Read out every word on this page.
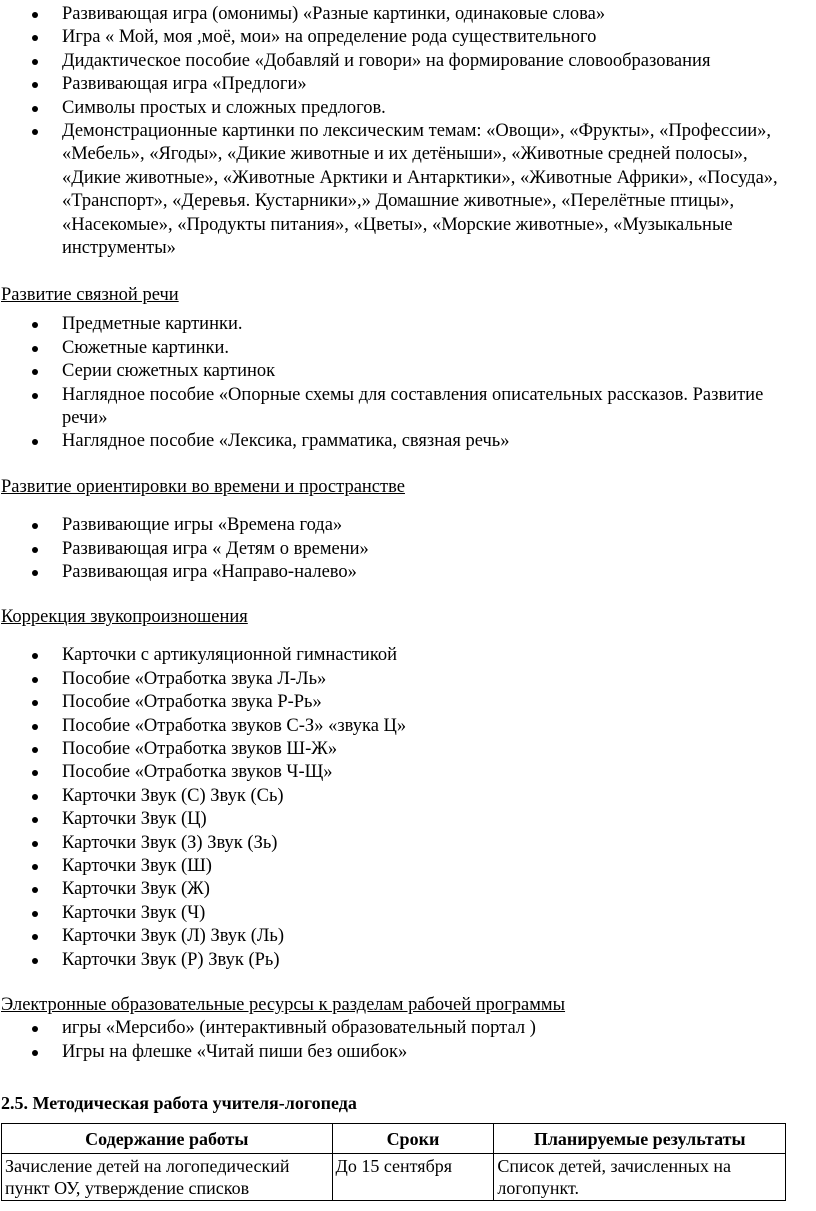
Развивающая игра (омонимы) «Разные картинки, одинаковые слова»
Игра « Мой, моя ,моё, мои» на определение рода существительного
Дидактическое пособие «Добавляй и говори» на формирование словообразования
Развивающая игра «Предлоги»
Символы простых и сложных предлогов.
Демонстрационные картинки по лексическим темам: «Овощи», «Фрукты», «Профессии», «Мебель», «Ягоды», «Дикие животные и их детёныши», «Животные средней полосы», «Дикие животные», «Животные Арктики и Антарктики», «Животные Африки», «Посуда», «Транспорт», «Деревья. Кустарники»,» Домашние животные», «Перелётные птицы», «Насекомые», «Продукты питания», «Цветы», «Морские животные», «Музыкальные инструменты»
Развитие связной речи
Предметные картинки.
Сюжетные картинки.
Серии сюжетных картинок
Наглядное пособие «Опорные схемы для составления описательных рассказов. Развитие речи»
Наглядное пособие «Лексика, грамматика, связная речь»
Развитие ориентировки во времени и пространстве
Развивающие игры «Времена года»
Развивающая игра « Детям о времени»
Развивающая игра «Направо-налево»
Коррекция звукопроизношения
Карточки с артикуляционной гимнастикой
Пособие «Отработка звука Л-Ль»
Пособие «Отработка звука Р-Рь»
Пособие «Отработка звуков С-З» «звука Ц»
Пособие «Отработка звуков Ш-Ж»
Пособие «Отработка звуков Ч-Щ»
Карточки Звук (С) Звук (Сь)
Карточки Звук (Ц)
Карточки Звук (З) Звук (Зь)
Карточки Звук (Ш)
Карточки Звук (Ж)
Карточки Звук (Ч)
Карточки Звук (Л) Звук (Ль)
Карточки Звук (Р) Звук (Рь)
Электронные образовательные ресурсы к разделам рабочей программы
игры «Мерсибо» (интерактивный образовательный портал )
Игры на флешке «Читай пиши без ошибок»
2.5. Методическая работа учителя-логопеда
Содержание работы	Сроки	Планируемые результаты
Зачисление детей на логопедический пункт ОУ, утверждение списков	До 15 сентября	Список детей, зачисленных на логопункт.
